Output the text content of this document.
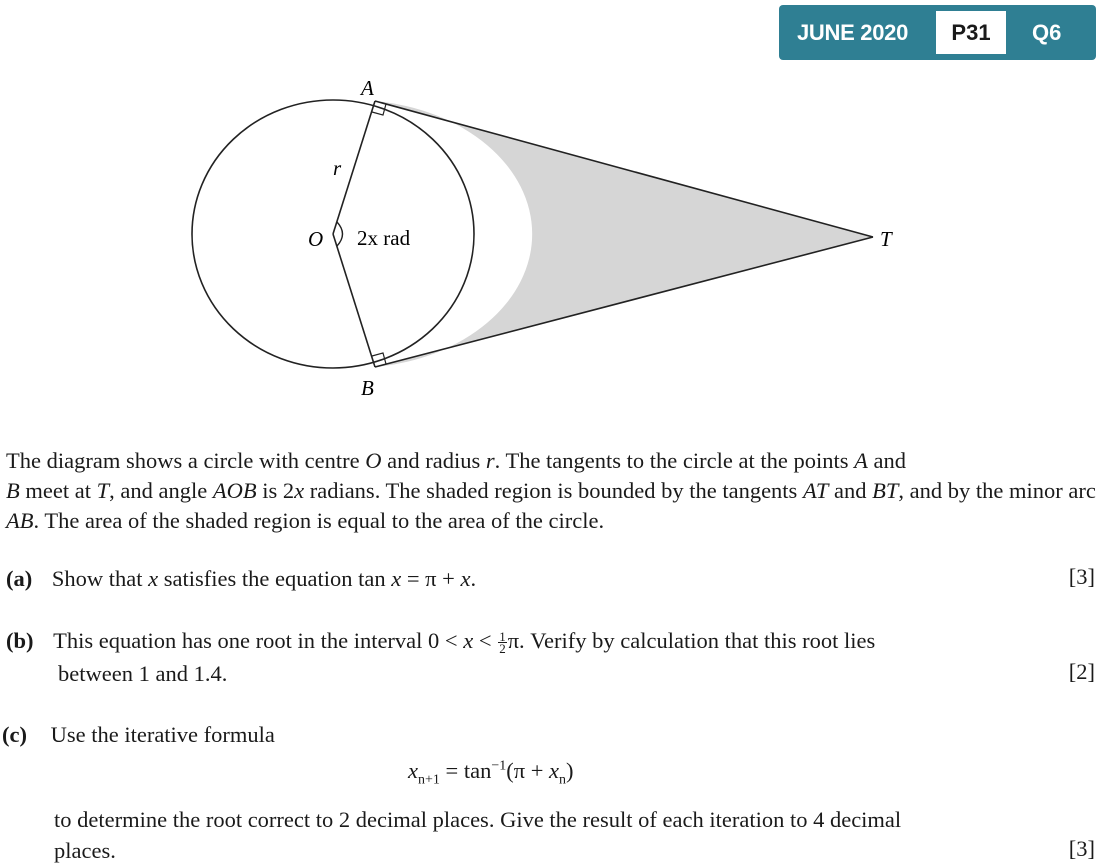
JUNE 2020	P31	Q6
A
B
O	T
r
2x rad

The diagram shows a circle with centre O and radius r. The tangents to the circle at the points A and
B meet at T, and angle AOB is 2x radians. The shaded region is bounded by the tangents AT and BT, and by the minor arc AB. The area of the shaded region is equal to the area of the circle.

(a) Show that x satisfies the equation tan x = π + x.	[3]
(b) This equation has one root in the interval $0 < x < \frac{1}{2} \pi$. Verify by calculation that this root lies
between 1 and 1.4.	[2]
(c) Use the iterative formula
$x_{n+1} = \tan^{-1}(\pi + x_n)$
to determine the root correct to 2 decimal places. Give the result of each iteration to 4 decimal
places.	[3]
